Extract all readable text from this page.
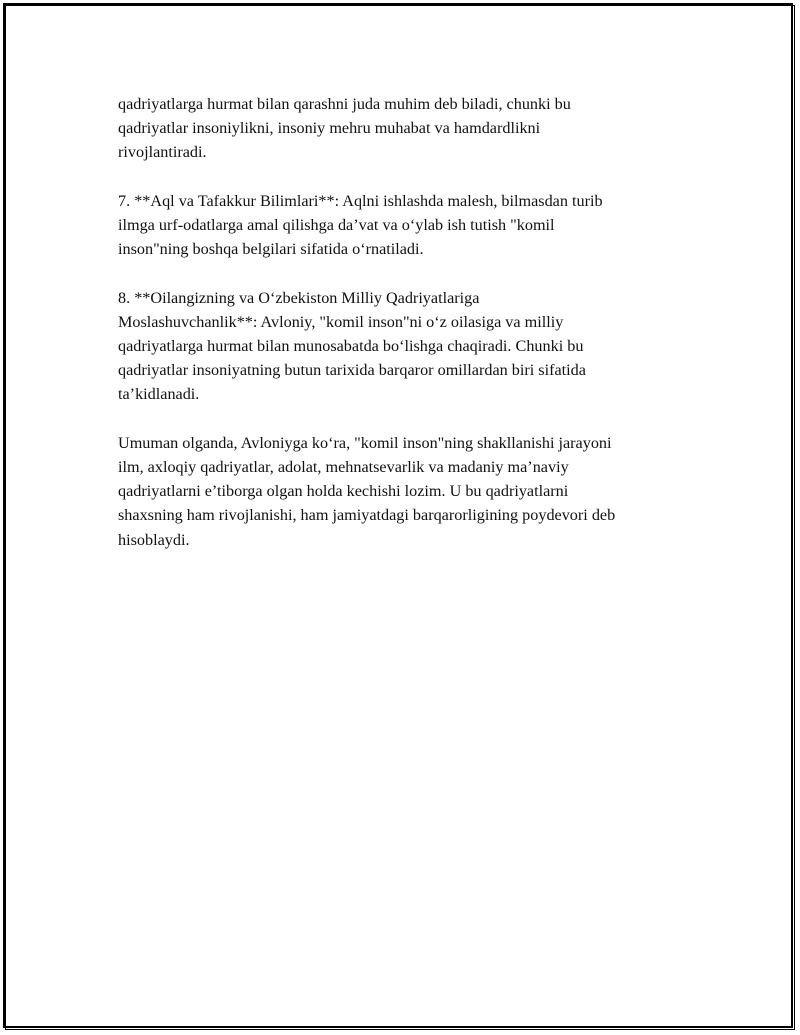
qadriyatlarga hurmat bilan qarashni juda muhim deb biladi, chunki bu
qadriyatlar insoniylikni, insoniy mehru muhabat va hamdardlikni
rivojlantiradi.

7. **Aql va Tafakkur Bilimlari**: Aqlni ishlashda malesh, bilmasdan turib
ilmga urf-odatlarga amal qilishga da’vat va o‘ylab ish tutish "komil
inson"ning boshqa belgilari sifatida o‘rnatiladi.

8. **Oilangizning va O‘zbekiston Milliy Qadriyatlariga
Moslashuvchanlik**: Avloniy, "komil inson"ni o‘z oilasiga va milliy
qadriyatlarga hurmat bilan munosabatda bo‘lishga chaqiradi. Chunki bu
qadriyatlar insoniyatning butun tarixida barqaror omillardan biri sifatida
ta’kidlanadi.

Umuman olganda, Avloniyga ko‘ra, "komil inson"ning shakllanishi jarayoni
ilm, axloqiy qadriyatlar, adolat, mehnatsevarlik va madaniy ma’naviy
qadriyatlarni e’tiborga olgan holda kechishi lozim. U bu qadriyatlarni
shaxsning ham rivojlanishi, ham jamiyatdagi barqarorligining poydevori deb
hisoblaydi.
